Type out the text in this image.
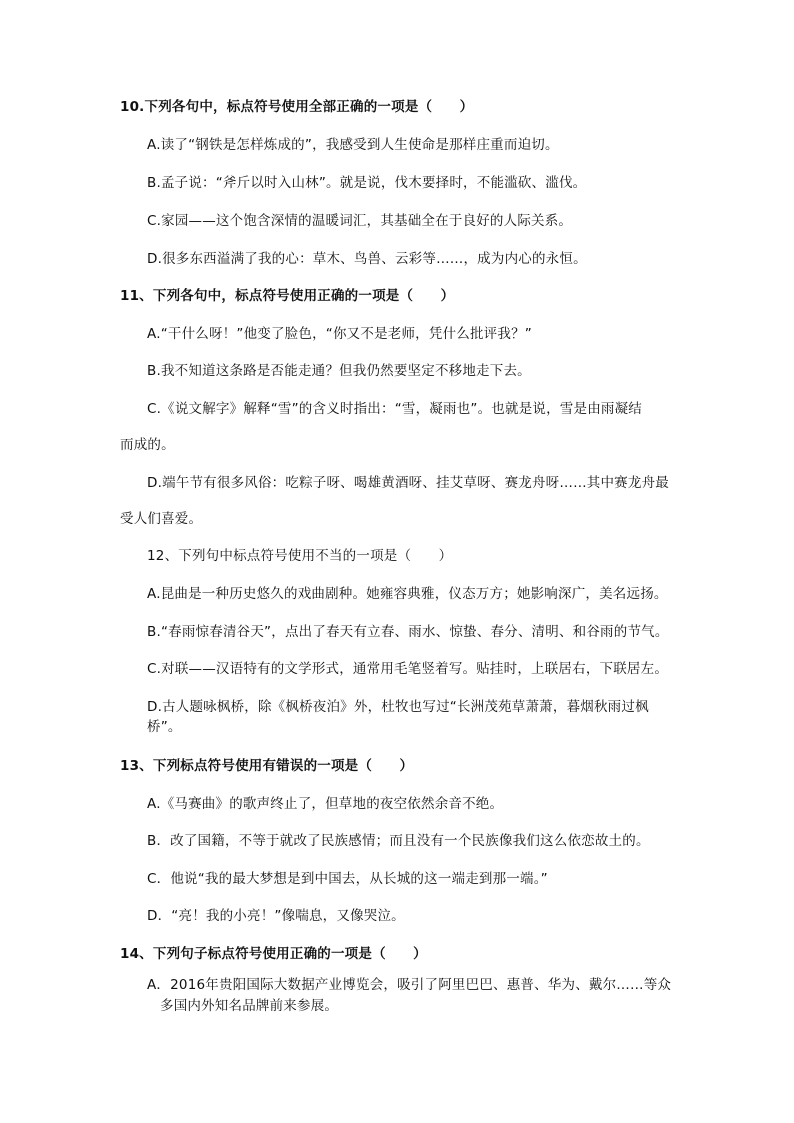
10.下列各句中，标点符号使用全部正确的一项是（　　）
A.读了“钢铁是怎样炼成的”，我感受到人生使命是那样庄重而迫切。
B.孟子说：“斧斤以时入山林”。就是说，伐木要择时，不能滥砍、滥伐。
C.家园——这个饱含深情的温暖词汇，其基础全在于良好的人际关系。
D.很多东西溢满了我的心：草木、鸟兽、云彩等……，成为内心的永恒。
11、下列各句中，标点符号使用正确的一项是（　　）
A.“干什么呀！”他变了脸色，“你又不是老师，凭什么批评我？”
B.我不知道这条路是否能走通？但我仍然要坚定不移地走下去。
C.《说文解字》解释“雪”的含义时指出：“雪，凝雨也”。也就是说，雪是由雨凝结
而成的。
D.端午节有很多风俗：吃粽子呀、喝雄黄酒呀、挂艾草呀、赛龙舟呀……其中赛龙舟最
受人们喜爱。
12、下列句中标点符号使用不当的一项是（　　）
A.昆曲是一种历史悠久的戏曲剧种。她雍容典雅，仪态万方；她影响深广，美名远扬。
B.“春雨惊春清谷天”，点出了春天有立春、雨水、惊蛰、春分、清明、和谷雨的节气。
C.对联——汉语特有的文学形式，通常用毛笔竖着写。贴挂时，上联居右，下联居左。
D.古人题咏枫桥，除《枫桥夜泊》外，杜牧也写过“长洲茂苑草萧萧，暮烟秋雨过枫
桥”。
13、下列标点符号使用有错误的一项是（　　）
A.《马赛曲》的歌声终止了，但草地的夜空依然余音不绝。
B．改了国籍，不等于就改了民族感情；而且没有一个民族像我们这么依恋故土的。
C．他说“我的最大梦想是到中国去，从长城的这一端走到那一端。”
D．“亮！我的小亮！”像喘息，又像哭泣。
14、下列句子标点符号使用正确的一项是（　　）
A．2016年贵阳国际大数据产业博览会，吸引了阿里巴巴、惠普、华为、戴尔……等众
多国内外知名品牌前来参展。
